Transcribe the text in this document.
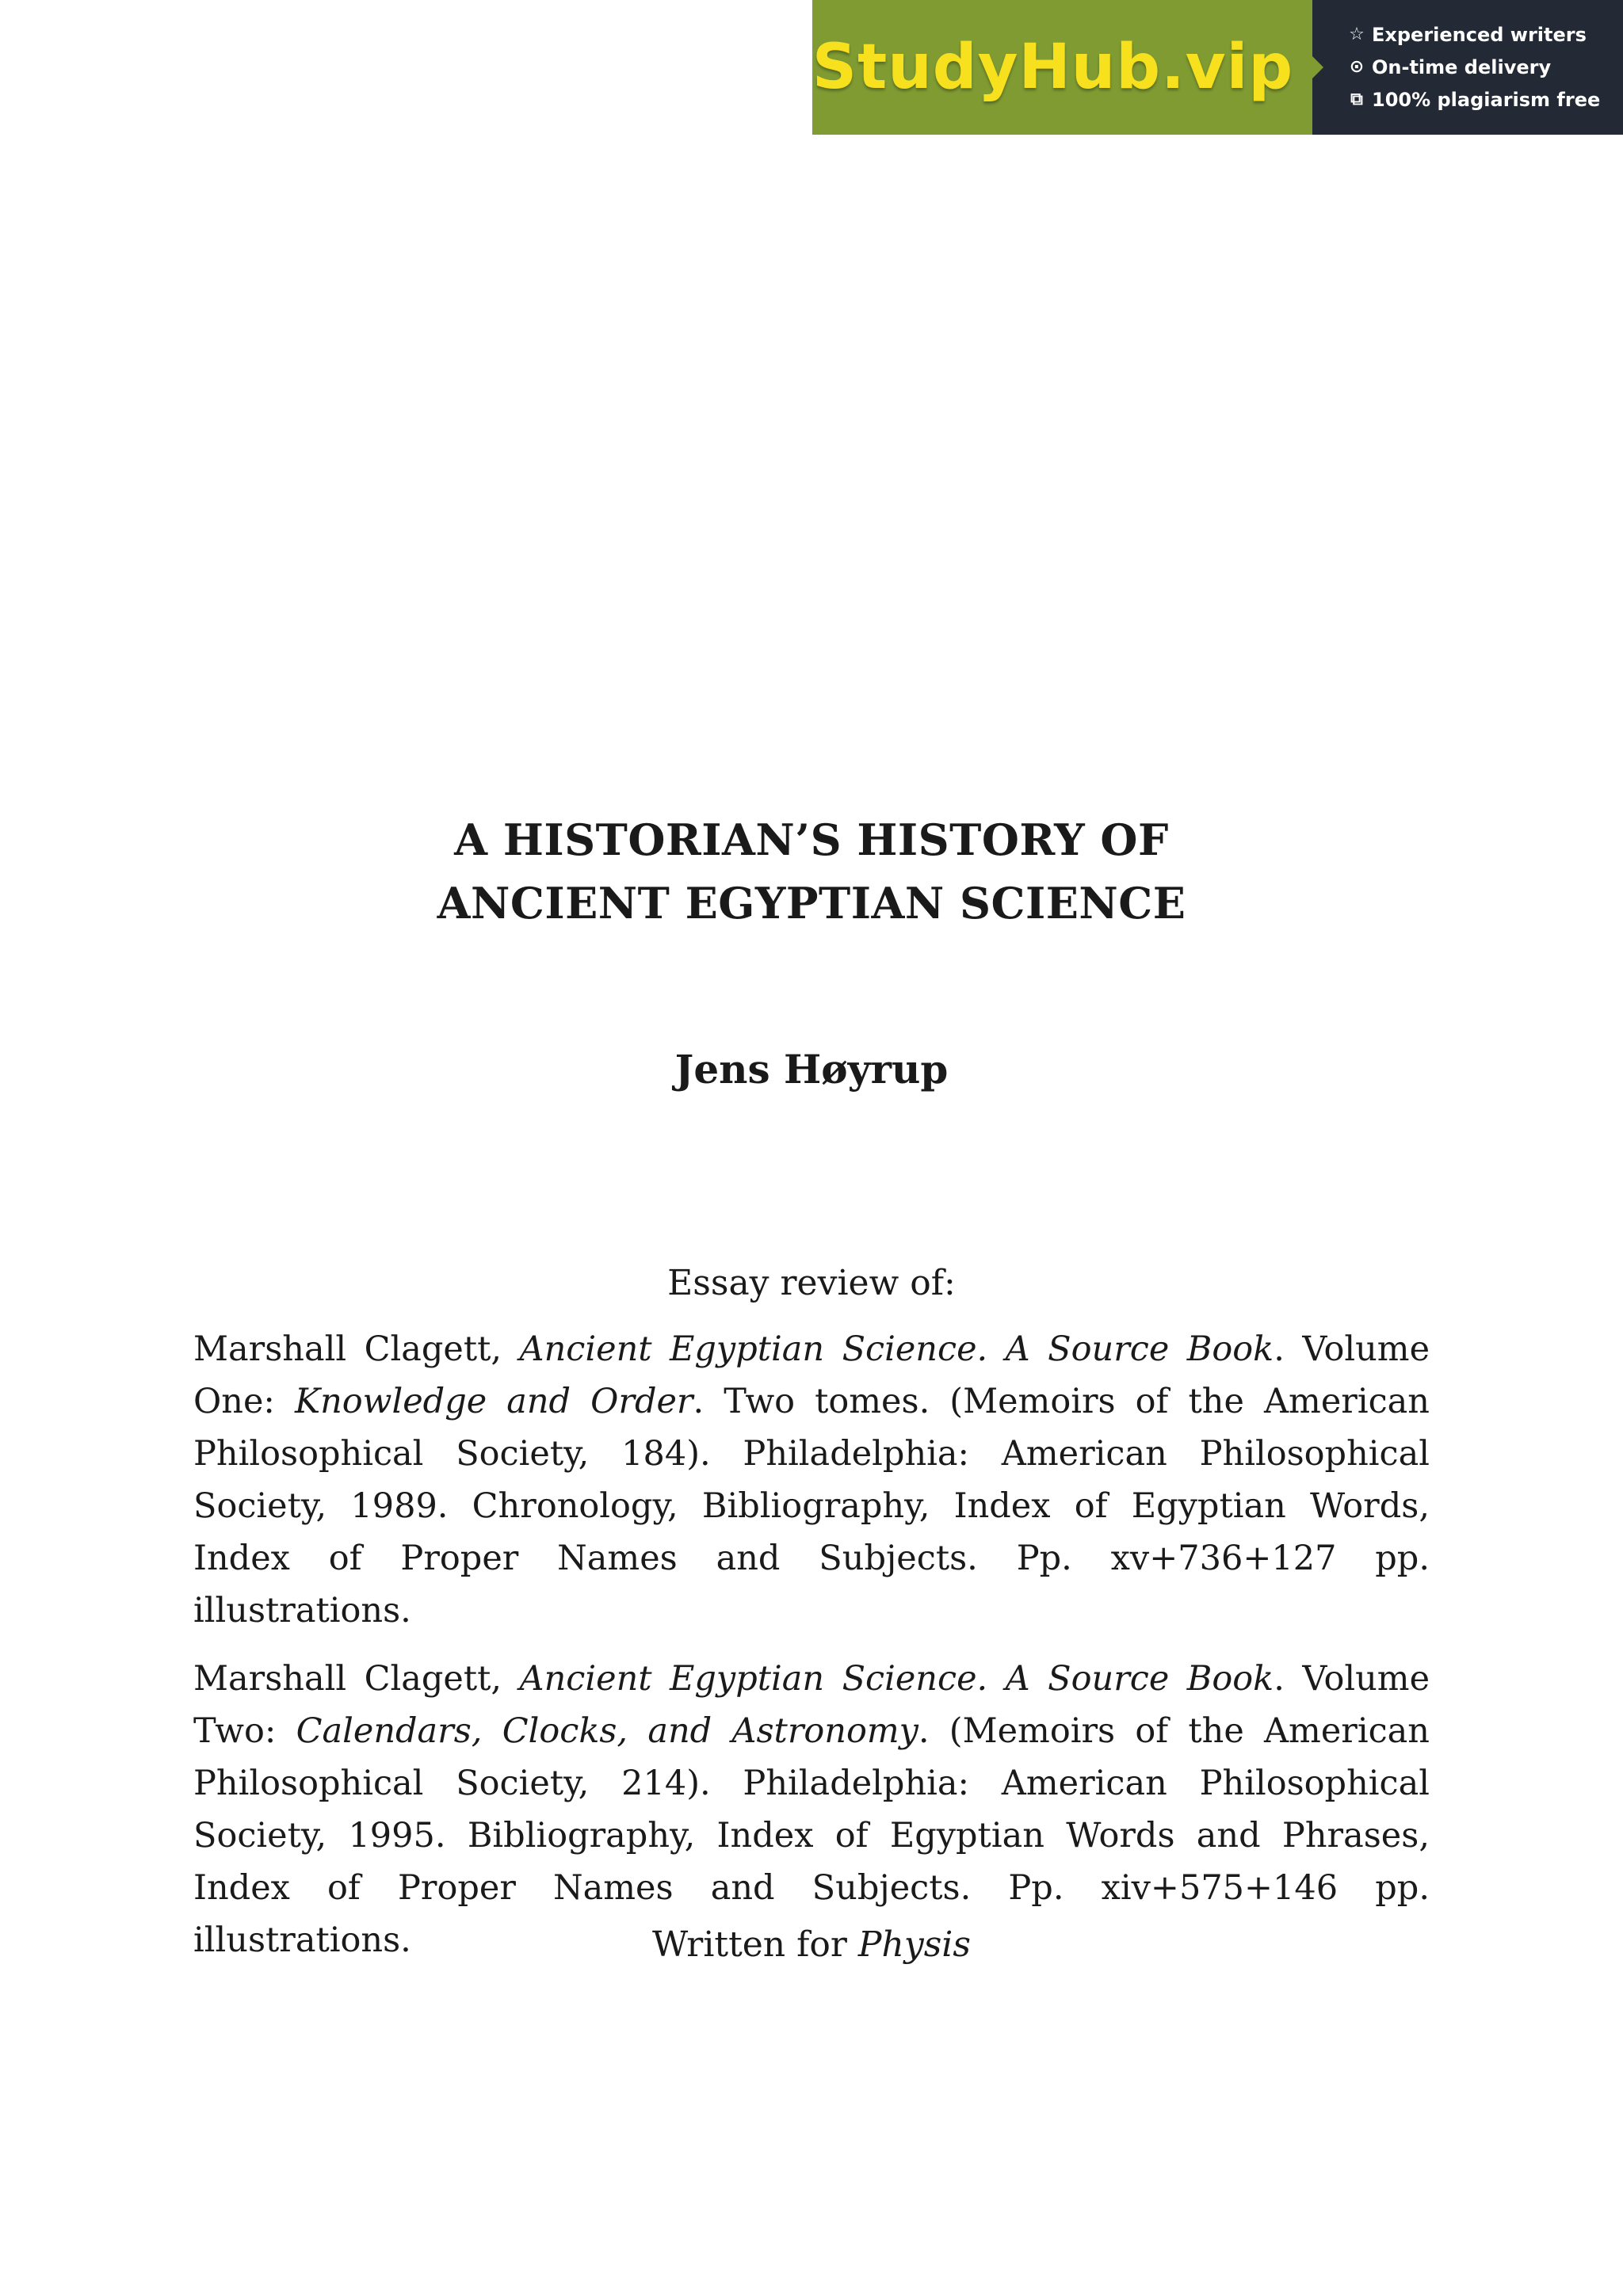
StudyHub.vip	☆ Experienced writers
⊙ On-time delivery
⧉ 100% plagiarism free
A HISTORIAN’S HISTORY OF
ANCIENT EGYPTIAN SCIENCE
Jens Høyrup
Essay review of:

Marshall Clagett, Ancient Egyptian Science. A Source Book. Volume One: Knowledge and Order. Two tomes. (Memoirs of the American Philosophical Society, 184). Philadelphia: American Philosophical Society, 1989. Chronology, Bibliography, Index of Egyptian Words, Index of Proper Names and Subjects. Pp. xv+736+127 pp. illustrations.

Marshall Clagett, Ancient Egyptian Science. A Source Book. Volume Two: Calendars, Clocks, and Astronomy. (Memoirs of the American Philosophical Society, 214). Philadelphia: American Philosophical Society, 1995. Bibliography, Index of Egyptian Words and Phrases, Index of Proper Names and Subjects. Pp. xiv+575+146 pp. illustrations.	Written for Physis
